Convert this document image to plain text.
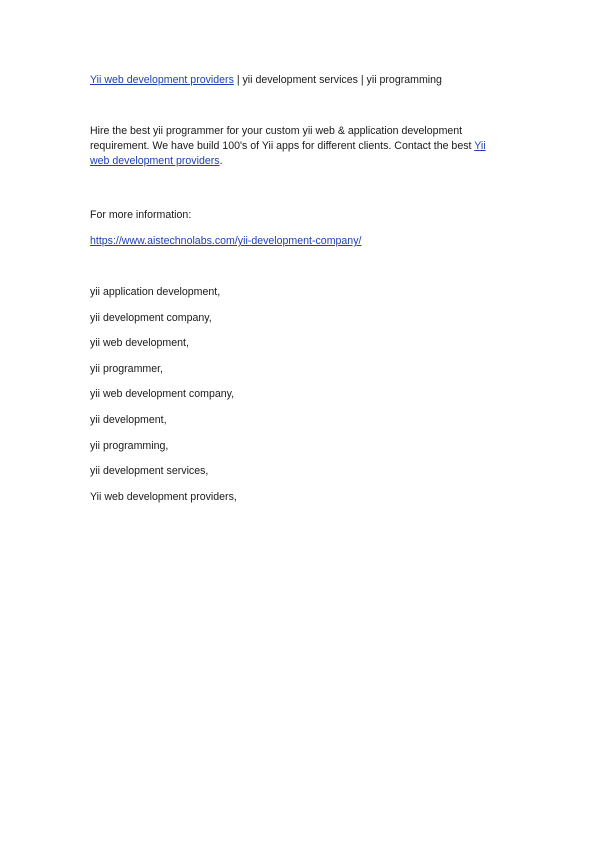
Yii web development providers | yii development services | yii programming
Hire the best yii programmer for your custom yii web & application development requirement. We have build 100's of Yii apps for different clients. Contact the best Yii web development providers.
For more information:
https://www.aistechnolabs.com/yii-development-company/
yii application development,
yii development company,
yii web development,
yii programmer,
yii web development company,
yii development,
yii programming,
yii development services,
Yii web development providers,
